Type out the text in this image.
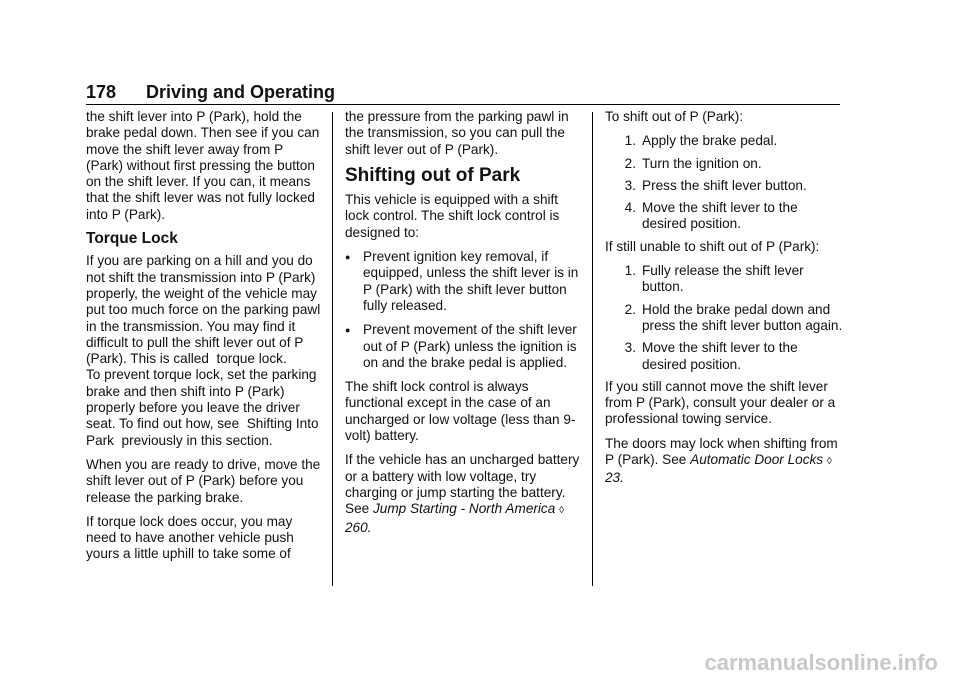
178 Driving and Operating

the shift lever into P (Park), hold the brake pedal down. Then see if you can move the shift lever away from P (Park) without first pressing the button on the shift lever. If you can, it means that the shift lever was not fully locked into P (Park).

Torque Lock

If you are parking on a hill and you do not shift the transmission into P (Park) properly, the weight of the vehicle may put too much force on the parking pawl in the transmission. You may find it difficult to pull the shift lever out of P (Park). This is called torque lock.

To prevent torque lock, set the parking brake and then shift into P (Park) properly before you leave the driver seat. To find out how, see Shifting Into Park previously in this section.

When you are ready to drive, move the shift lever out of P (Park) before you release the parking brake.

If torque lock does occur, you may need to have another vehicle push yours a little uphill to take some of

the pressure from the parking pawl in the transmission, so you can pull the shift lever out of P (Park).

Shifting out of Park

This vehicle is equipped with a shift lock control. The shift lock control is designed to:

● Prevent ignition key removal, if equipped, unless the shift lever is in P (Park) with the shift lever button fully released.
● Prevent movement of the shift lever out of P (Park) unless the ignition is on and the brake pedal is applied.

The shift lock control is always functional except in the case of an uncharged or low voltage (less than 9-volt) battery.

If the vehicle has an uncharged battery or a battery with low voltage, try charging or jump starting the battery. See Jump Starting - North America ◊ 260.

To shift out of P (Park):

1. Apply the brake pedal.
2. Turn the ignition on.
3. Press the shift lever button.
4. Move the shift lever to the desired position.

If still unable to shift out of P (Park):

1. Fully release the shift lever button.
2. Hold the brake pedal down and press the shift lever button again.
3. Move the shift lever to the desired position.

If you still cannot move the shift lever from P (Park), consult your dealer or a professional towing service.

The doors may lock when shifting from P (Park). See Automatic Door Locks ◊ 23.

carmanualsonline.info
